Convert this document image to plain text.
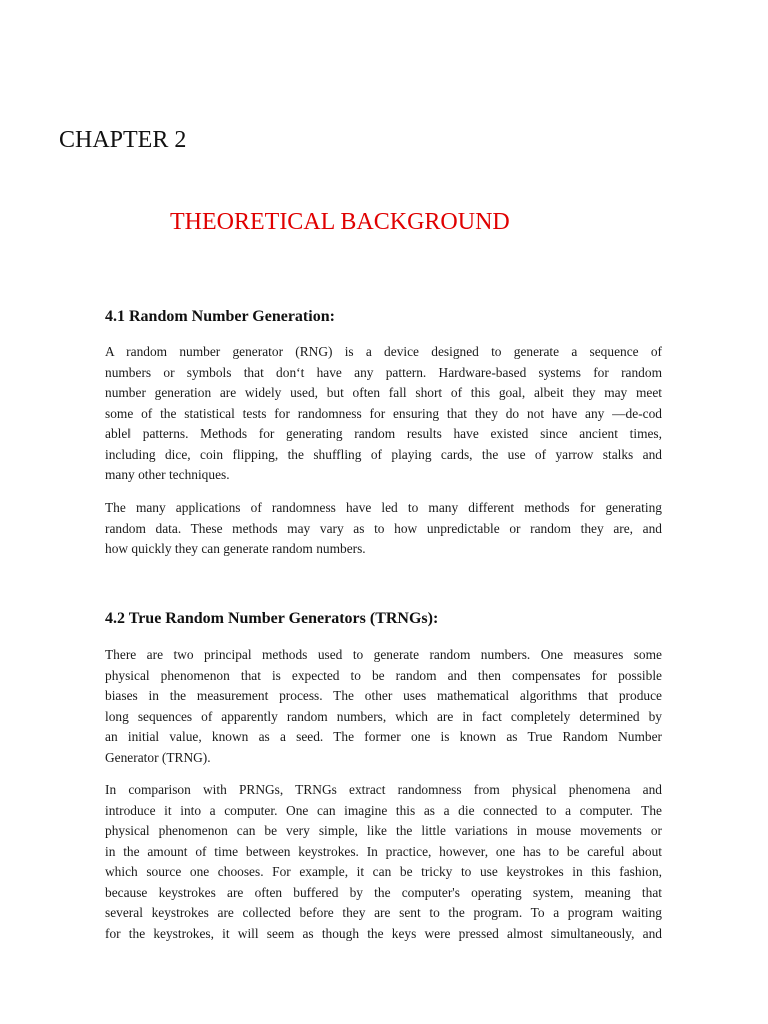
CHAPTER 2
THEORETICAL BACKGROUND
4.1 Random Number Generation:
A random number generator (RNG) is a device designed to generate a sequence of
numbers or symbols that don‘t have any pattern. Hardware-based systems for random
number generation are widely used, but often fall short of this goal, albeit they may meet
some of the statistical tests for randomness for ensuring that they do not have any ―de-cod
able‖ patterns. Methods for generating random results have existed since ancient times,
including dice, coin flipping, the shuffling of playing cards, the use of yarrow stalks and
many other techniques.
The many applications of randomness have led to many different methods for generating
random data. These methods may vary as to how unpredictable or random they are, and
how quickly they can generate random numbers.
4.2 True Random Number Generators (TRNGs):
There are two principal methods used to generate random numbers. One measures some
physical phenomenon that is expected to be random and then compensates for possible
biases in the measurement process. The other uses mathematical algorithms that produce
long sequences of apparently random numbers, which are in fact completely determined by
an initial value, known as a seed. The former one is known as True Random Number
Generator (TRNG).
In comparison with PRNGs, TRNGs extract randomness from physical phenomena and
introduce it into a computer. One can imagine this as a die connected to a computer. The
physical phenomenon can be very simple, like the little variations in mouse movements or
in the amount of time between keystrokes. In practice, however, one has to be careful about
which source one chooses. For example, it can be tricky to use keystrokes in this fashion,
because keystrokes are often buffered by the computer's operating system, meaning that
several keystrokes are collected before they are sent to the program. To a program waiting
for the keystrokes, it will seem as though the keys were pressed almost simultaneously, and
